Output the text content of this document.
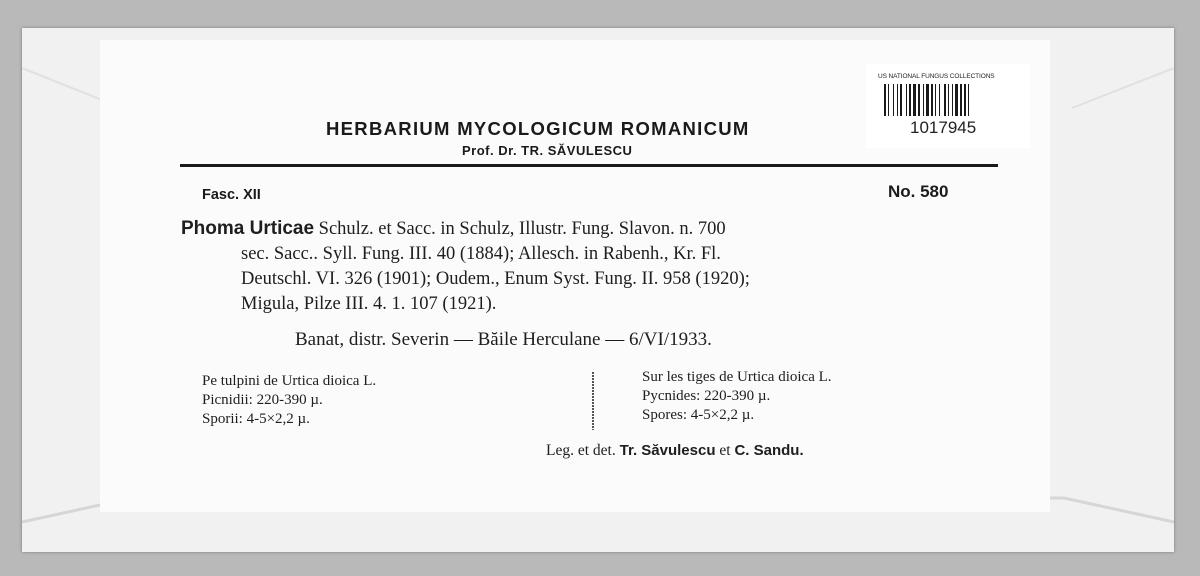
US NATIONAL FUNGUS COLLECTIONS
1017945
HERBARIUM MYCOLOGICUM ROMANICUM
Prof. Dr. TR. SĂVULESCU
Fasc. XII	No. 580
Phoma Urticae Schulz. et Sacc. in Schulz, Illustr. Fung. Slavon. n. 700
sec. Sacc.. Syll. Fung. III. 40 (1884); Allesch. in Rabenh., Kr. Fl.
Deutschl. VI. 326 (1901); Oudem., Enum Syst. Fung. II. 958 (1920);
Migula, Pilze III. 4. 1. 107 (1921).
Banat, distr. Severin — Băile Herculane — 6/VI/1933.
Pe tulpini de Urtica dioica L.
Picnidii: 220-390 µ.
Sporii: 4-5×2,2 µ.
Sur les tiges de Urtica dioica L.
Pycnides: 220-390 µ.
Spores: 4-5×2,2 µ.
Leg. et det. Tr. Săvulescu et C. Sandu.
